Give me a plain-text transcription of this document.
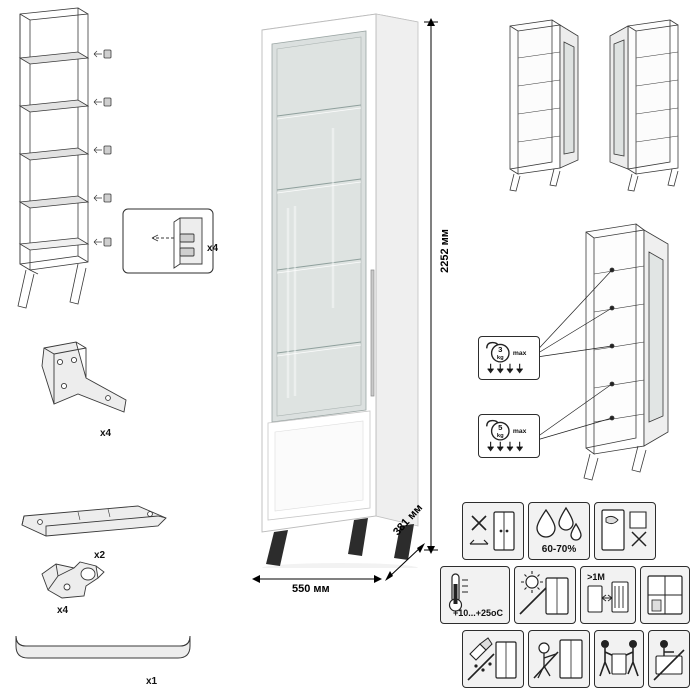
x4
x4
x2
x4
x1
2252 мм
550 мм
381 мм
3
kg
max
5
kg
max
60-70%
+10...+25оC
>1М
